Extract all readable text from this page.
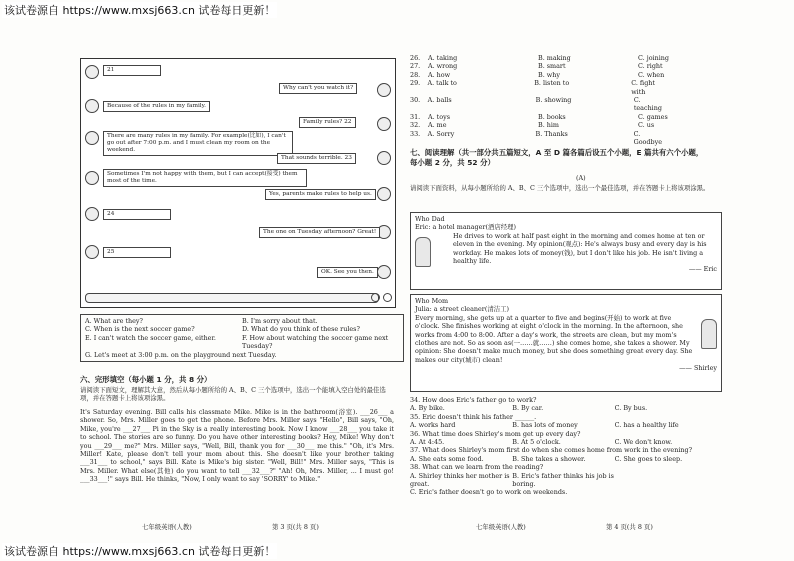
该试卷源自 https://www.mxsj663.cn 试卷每日更新！
21
Why can't you watch it?
Because of the rules in my family.
Family rules? 22
There are many rules in my family. For example(比如), I can't go out after 7:00 p.m. and I must clean my room on the weekend.
That sounds terrible. 23
Sometimes I'm not happy with them, but I can accept(接受) them most of the time.
Yes, parents make rules to help us.
24
The one on Tuesday afternoon? Great!
25
OK. See you then.
A. What are they?	B. I'm sorry about that.
C. When is the next soccer game?	D. What do you think of these rules?
E. I can't watch the soccer game, either.	F. How about watching the soccer game next Tuesday?
G. Let's meet at 3:00 p.m. on the playground next Tuesday.
六、完形填空（每小题 1 分，共 8 分）
请阅读下面短文，理解其大意，然后从每小题所给的 A、B、C 三个选项中，选出一个能填入空白处的最佳选项，并在答题卡上将该项涂黑。
It's Saturday evening. Bill calls his classmate Mike. Mike is in the bathroom(浴室). ___26___ a shower. So, Mrs. Miller goes to get the phone. Before Mrs. Miller says "Hello", Bill says, "Oh, Mike, you're ___27___ Pi in the Sky is a really interesting book. Now I know ___28___ you take it to school. The stories are so funny. Do you have other interesting books? Hey, Mike! Why don't you ___29___ me?" Mrs. Miller says, "Well, Bill, thank you for ___30___ me this." "Oh, it's Mrs. Miller! Kate, please don't tell your mom about this. She doesn't like your brother taking ___31___ to school," says Bill. Kate is Mike's big sister. "Well, Bill!" Mrs. Miller says, "This is Mrs. Miller. What else(其他) do you want to tell ___32___?" "Ah! Oh, Mrs. Miller, ... I must go! ___33___!" says Bill. He thinks, "Now, I only want to say 'SORRY' to Mike."
七年级英语(人教)	第 3 页(共 8 页)
26.	A. taking	B. making	C. joining
27.	A. wrong	B. smart	C. right
28.	A. how	B. why	C. when
29.	A. talk to	B. listen to	C. fight with
30.	A. balls	B. showing	C. teaching
31.	A. toys	B. books	C. games
32.	A. me	B. him	C. us
33.	A. Sorry	B. Thanks	C. Goodbye
七、阅读理解（共一部分共五篇短文，A 至 D 篇各篇后设五个小题，E 篇共有六个小题，每小题 2 分，共 52 分）
(A)
请阅读下面资料，从每小题所给的 A、B、C 三个选项中，选出一个最佳选项，并在答题卡上将该项涂黑。
Who Dad
Eric: a hotel manager(酒店经理)
He drives to work at half past eight in the morning and comes home at ten or eleven in the evening. My opinion(观点): He's always busy and every day is his workday. He makes lots of money(钱), but I don't like his job. He isn't living a healthy life.
—— Eric
Who Mom
Julia: a street cleaner(清洁工)
Every morning, she gets up at a quarter to five and begins(开始) to work at five o'clock. She finishes working at eight o'clock in the morning. In the afternoon, she works from 4:00 to 8:00. After a day's work, the streets are clean, but my mom's clothes are not. So as soon as(一……就……) she comes home, she takes a shower. My opinion: She doesn't make much money, but she does something great every day. She makes our city(城市) clean!
—— Shirley
34. How does Eric's father go to work?
A. By bike.	B. By car.	C. By bus.
35. Eric doesn't think his father ______.
A. works hard	B. has lots of money	C. has a healthy life
36. What time does Shirley's mom get up every day?
A. At 4:45.	B. At 5 o'clock.	C. We don't know.
37. What does Shirley's mom first do when she comes home from work in the evening?
A. She eats some food.	B. She takes a shower.	C. She goes to sleep.
38. What can we learn from the reading?
A. Shirley thinks her mother is great.
B. Eric's father thinks his job is boring.
C. Eric's father doesn't go to work on weekends.
七年级英语(人教)	第 4 页(共 8 页)
该试卷源自 https://www.mxsj663.cn 试卷每日更新！
